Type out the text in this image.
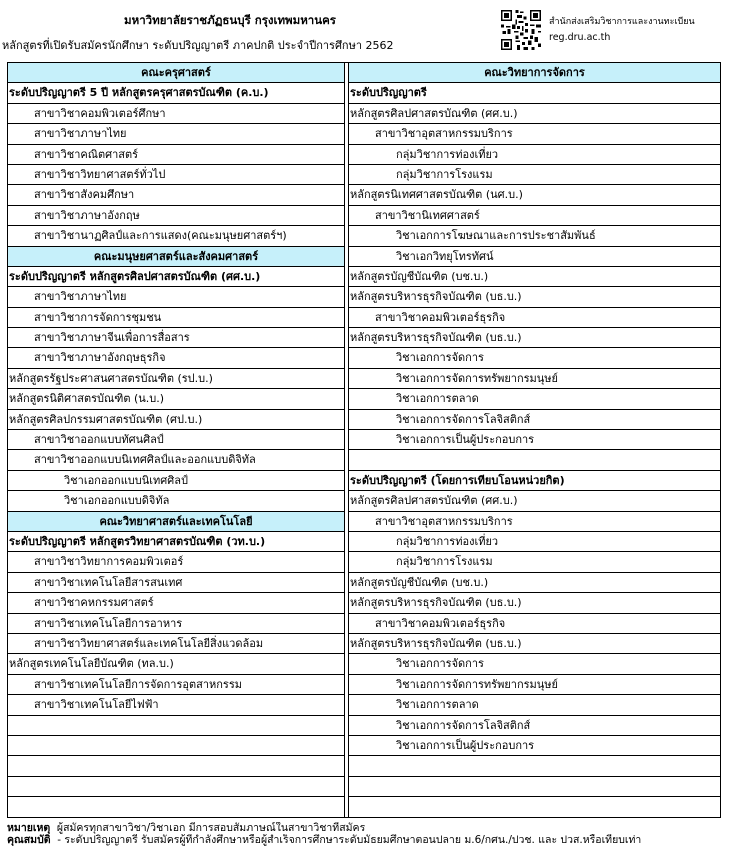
มหาวิทยาลัยราชภัฏธนบุรี กรุงเทพมหานคร
หลักสูตรที่เปิดรับสมัครนักศึกษา ระดับปริญญาตรี ภาคปกติ ประจำปีการศึกษา 2562
สำนักส่งเสริมวิชาการและงานทะเบียน
reg.dru.ac.th
คณะครุศาสตร์
ระดับปริญญาตรี 5 ปี หลักสูตรครุศาสตรบัณฑิต (ค.บ.)
สาขาวิชาคอมพิวเตอร์ศึกษา
สาขาวิชาภาษาไทย
สาขาวิชาคณิตศาสตร์
สาขาวิชาวิทยาศาสตร์ทั่วไป
สาขาวิชาสังคมศึกษา
สาขาวิชาภาษาอังกฤษ
สาขาวิชานาฏศิลป์และการแสดง(คณะมนุษยศาสตร์ฯ)
คณะมนุษยศาสตร์และสังคมศาสตร์
ระดับปริญญาตรี หลักสูตรศิลปศาสตรบัณฑิต (ศศ.บ.)
สาขาวิชาภาษาไทย
สาขาวิชาการจัดการชุมชน
สาขาวิชาภาษาจีนเพื่อการสื่อสาร
สาขาวิชาภาษาอังกฤษธุรกิจ
หลักสูตรรัฐประศาสนศาสตรบัณฑิต (รป.บ.)
หลักสูตรนิติศาสตรบัณฑิต (น.บ.)
หลักสูตรศิลปกรรมศาสตรบัณฑิต (ศป.บ.)
สาขาวิชาออกแบบทัศนศิลป์
สาขาวิชาออกแบบนิเทศศิลป์และออกแบบดิจิทัล
วิชาเอกออกแบบนิเทศศิลป์
วิชาเอกออกแบบดิจิทัล
คณะวิทยาศาสตร์และเทคโนโลยี
ระดับปริญญาตรี หลักสูตรวิทยาศาสตรบัณฑิต (วท.บ.)
สาขาวิชาวิทยาการคอมพิวเตอร์
สาขาวิชาเทคโนโลยีสารสนเทศ
สาขาวิชาคหกรรมศาสตร์
สาขาวิชาเทคโนโลยีการอาหาร
สาขาวิชาวิทยาศาสตร์และเทคโนโลยีสิ่งแวดล้อม
หลักสูตรเทคโนโลยีบัณฑิต (ทล.บ.)
สาขาวิชาเทคโนโลยีการจัดการอุตสาหกรรม
สาขาวิชาเทคโนโลยีไฟฟ้า
คณะวิทยาการจัดการ
ระดับปริญญาตรี
หลักสูตรศิลปศาสตรบัณฑิต (ศศ.บ.)
สาขาวิชาอุตสาหกรรมบริการ
กลุ่มวิชาการท่องเที่ยว
กลุ่มวิชาการโรงแรม
หลักสูตรนิเทศศาสตรบัณฑิต (นศ.บ.)
สาขาวิชานิเทศศาสตร์
วิชาเอกการโฆษณาและการประชาสัมพันธ์
วิชาเอกวิทยุโทรทัศน์
หลักสูตรบัญชีบัณฑิต (บช.บ.)
หลักสูตรบริหารธุรกิจบัณฑิต (บธ.บ.)
สาขาวิชาคอมพิวเตอร์ธุรกิจ
หลักสูตรบริหารธุรกิจบัณฑิต (บธ.บ.)
วิชาเอกการจัดการ
วิชาเอกการจัดการทรัพยากรมนุษย์
วิชาเอกการตลาด
วิชาเอกการจัดการโลจิสติกส์
วิชาเอกการเป็นผู้ประกอบการ
ระดับปริญญาตรี (โดยการเทียบโอนหน่วยกิต)
หลักสูตรศิลปศาสตรบัณฑิต (ศศ.บ.)
สาขาวิชาอุตสาหกรรมบริการ
กลุ่มวิชาการท่องเที่ยว
กลุ่มวิชาการโรงแรม
หลักสูตรบัญชีบัณฑิต (บช.บ.)
หลักสูตรบริหารธุรกิจบัณฑิต (บธ.บ.)
สาขาวิชาคอมพิวเตอร์ธุรกิจ
หลักสูตรบริหารธุรกิจบัณฑิต (บธ.บ.)
วิชาเอกการจัดการ
วิชาเอกการจัดการทรัพยากรมนุษย์
วิชาเอกการตลาด
วิชาเอกการจัดการโลจิสติกส์
วิชาเอกการเป็นผู้ประกอบการ
หมายเหตุ ผู้สมัครทุกสาขาวิชา/วิชาเอก มีการสอบสัมภาษณ์ในสาขาวิชาที่สมัคร
คุณสมบัติ - ระดับปริญญาตรี รับสมัครผู้ที่กำลังศึกษาหรือผู้สำเร็จการศึกษาระดับมัธยมศึกษาตอนปลาย ม.6/กศน./ปวช. และ ปวส.หรือเทียบเท่า
